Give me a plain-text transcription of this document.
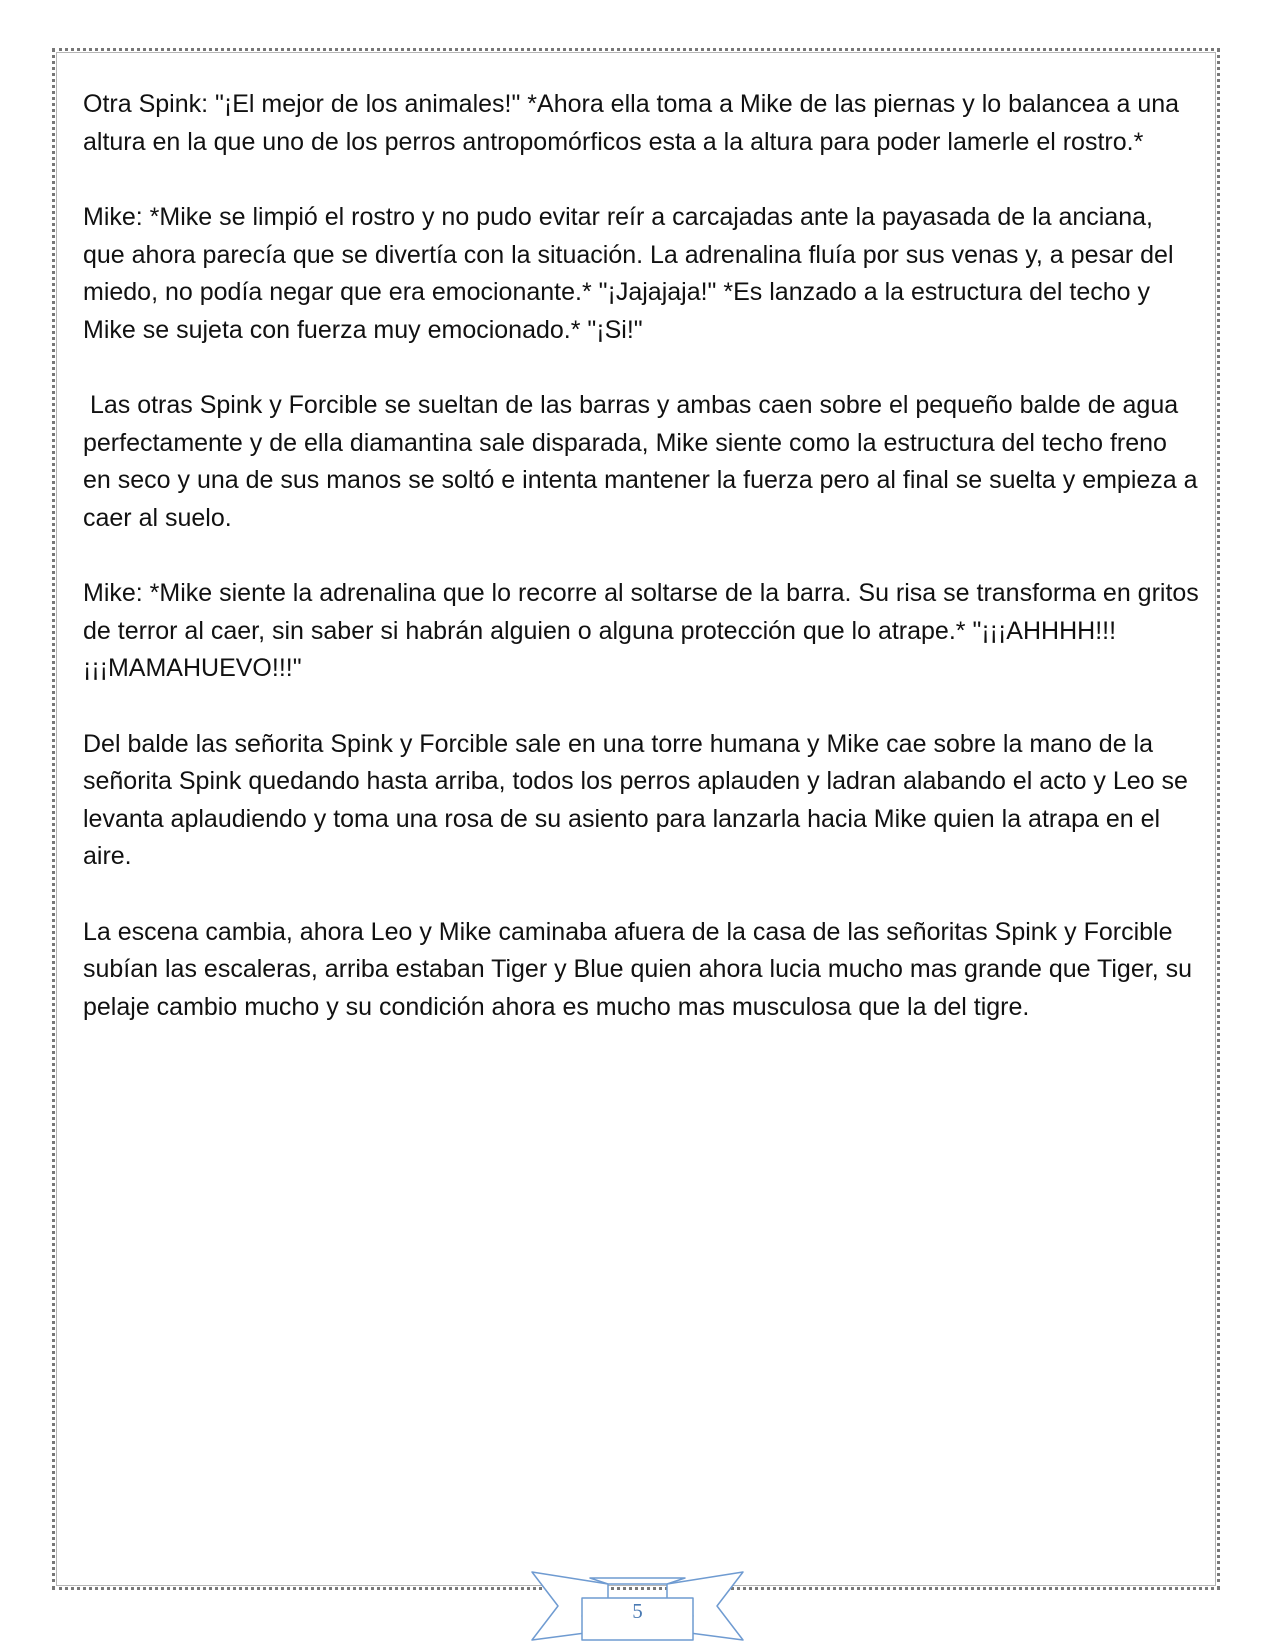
Otra Spink: "¡El mejor de los animales!" *Ahora ella toma a Mike de las piernas y lo balancea a una altura en la que uno de los perros antropomórficos esta a la altura para poder lamerle el rostro.*

Mike: *Mike se limpió el rostro y no pudo evitar reír a carcajadas ante la payasada de la anciana, que ahora parecía que se divertía con la situación. La adrenalina fluía por sus venas y, a pesar del miedo, no podía negar que era emocionante.* "¡Jajajaja!" *Es lanzado a la estructura del techo y Mike se sujeta con fuerza muy emocionado.* "¡Si!"

Las otras Spink y Forcible se sueltan de las barras y ambas caen sobre el pequeño balde de agua perfectamente y de ella diamantina sale disparada, Mike siente como la estructura del techo freno en seco y una de sus manos se soltó e intenta mantener la fuerza pero al final se suelta y empieza a caer al suelo.

Mike: *Mike siente la adrenalina que lo recorre al soltarse de la barra. Su risa se transforma en gritos de terror al caer, sin saber si habrán alguien o alguna protección que lo atrape.* "¡¡¡AHHHH!!! ¡¡¡MAMAHUEVO!!!"

Del balde las señorita Spink y Forcible sale en una torre humana y Mike cae sobre la mano de la señorita Spink quedando hasta arriba, todos los perros aplauden y ladran alabando el acto y Leo se levanta aplaudiendo y toma una rosa de su asiento para lanzarla hacia Mike quien la atrapa en el aire.

La escena cambia, ahora Leo y Mike caminaba afuera de la casa de las señoritas Spink y Forcible subían las escaleras, arriba estaban Tiger y Blue quien ahora lucia mucho mas grande que Tiger, su pelaje cambio mucho y su condición ahora es mucho mas musculosa que la del tigre.

5
